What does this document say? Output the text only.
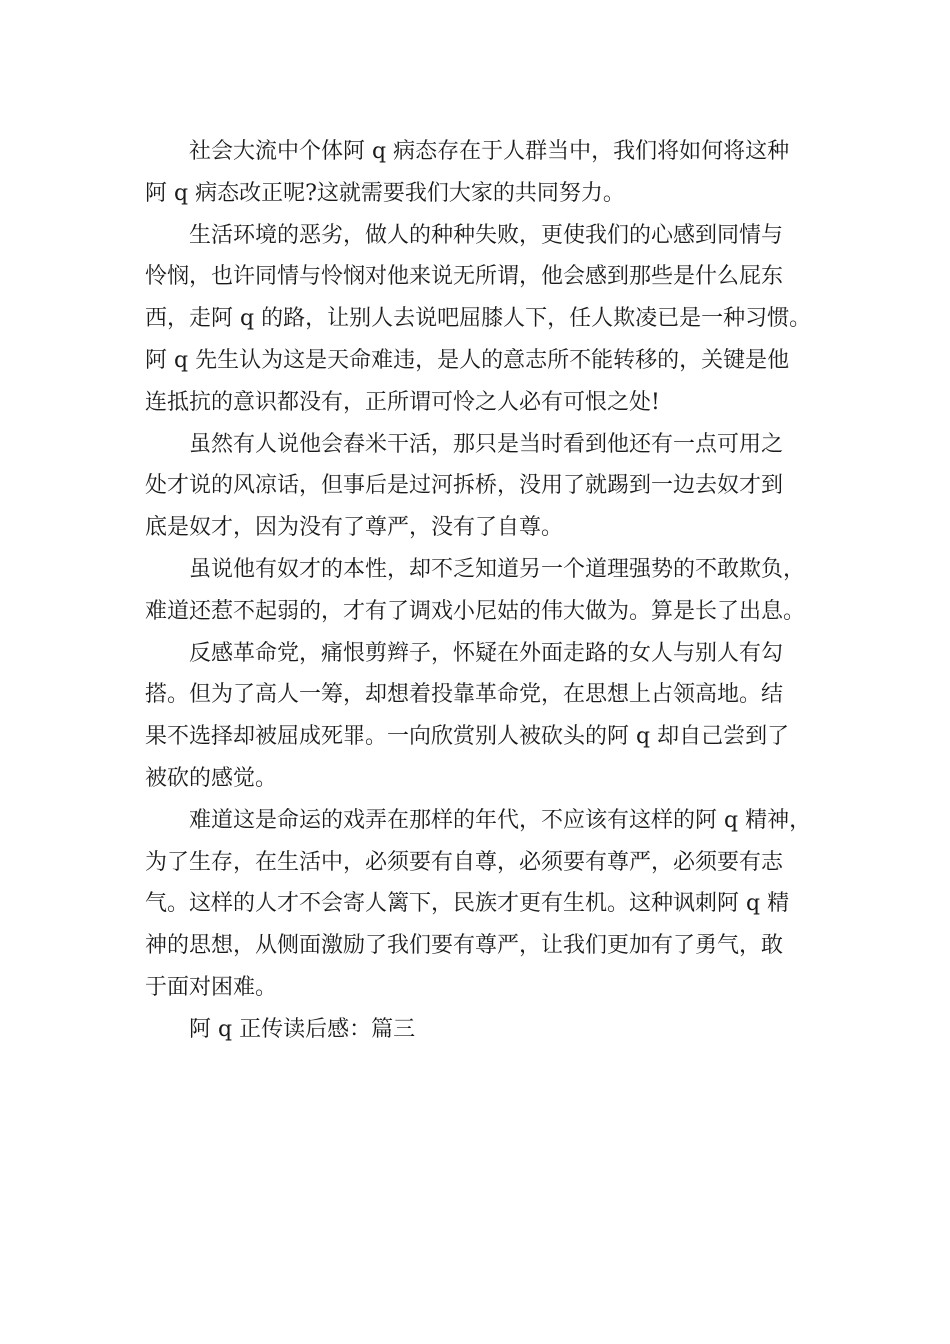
社会大流中个体阿 q 病态存在于人群当中，我们将如何将这种
阿 q 病态改正呢?这就需要我们大家的共同努力。
生活环境的恶劣，做人的种种失败，更使我们的心感到同情与
怜悯，也许同情与怜悯对他来说无所谓，他会感到那些是什么屁东
西，走阿 q 的路，让别人去说吧屈膝人下，任人欺凌已是一种习惯。
阿 q 先生认为这是天命难违，是人的意志所不能转移的，关键是他
连抵抗的意识都没有，正所谓可怜之人必有可恨之处!
虽然有人说他会舂米干活，那只是当时看到他还有一点可用之
处才说的风凉话，但事后是过河拆桥，没用了就踢到一边去奴才到
底是奴才，因为没有了尊严，没有了自尊。
虽说他有奴才的本性，却不乏知道另一个道理强势的不敢欺负，
难道还惹不起弱的，才有了调戏小尼姑的伟大做为。算是长了出息。
反感革命党，痛恨剪辫子，怀疑在外面走路的女人与别人有勾
搭。但为了高人一筹，却想着投靠革命党，在思想上占领高地。结
果不选择却被屈成死罪。一向欣赏别人被砍头的阿 q 却自己尝到了
被砍的感觉。
难道这是命运的戏弄在那样的年代，不应该有这样的阿 q 精神，
为了生存，在生活中，必须要有自尊，必须要有尊严，必须要有志
气。这样的人才不会寄人篱下，民族才更有生机。这种讽刺阿 q 精
神的思想，从侧面激励了我们要有尊严，让我们更加有了勇气，敢
于面对困难。
阿 q 正传读后感：篇三
